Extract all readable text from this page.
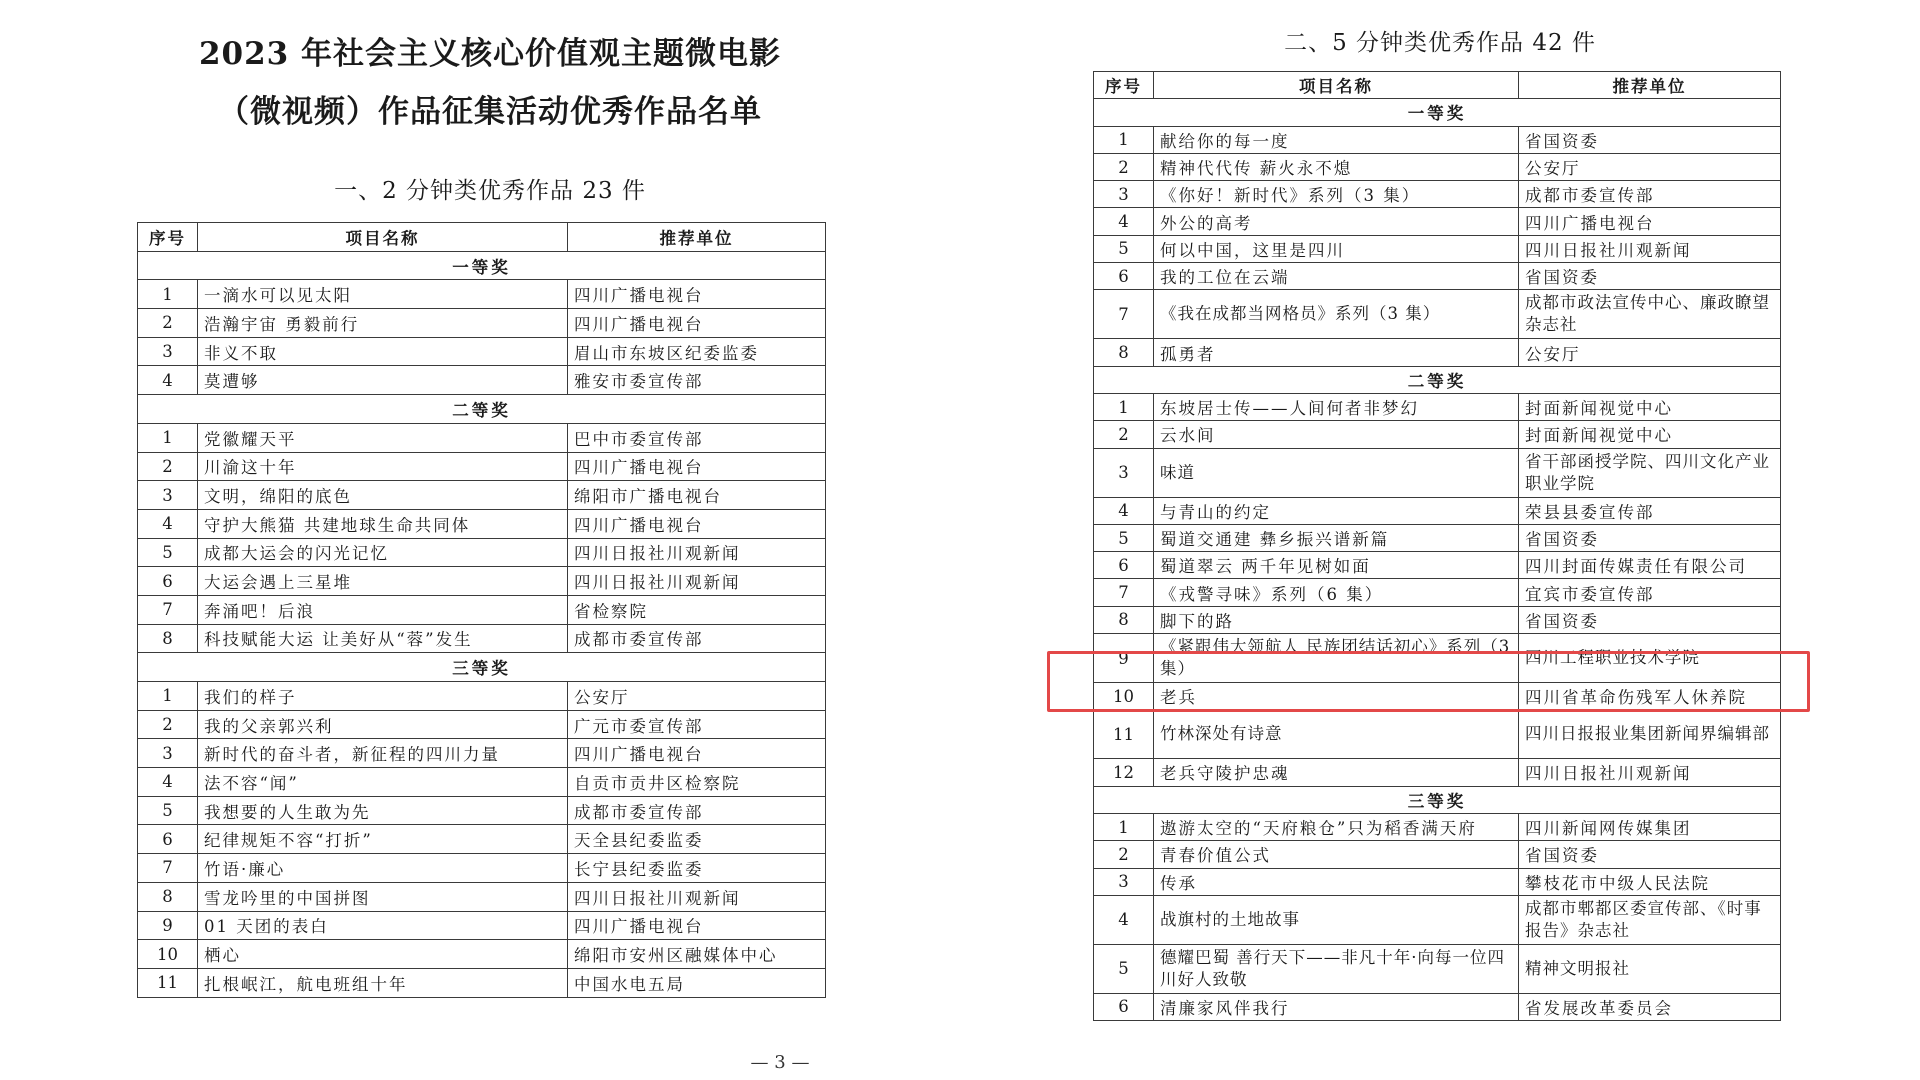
2023 年社会主义核心价值观主题微电影
（微视频）作品征集活动优秀作品名单
一、2 分钟类优秀作品 23 件
序号	项目名称	推荐单位
一等奖		
1	一滴水可以见太阳	四川广播电视台
2	浩瀚宇宙 勇毅前行	四川广播电视台
3	非义不取	眉山市东坡区纪委监委
4	莫遭够	雅安市委宣传部
二等奖		
1	党徽耀天平	巴中市委宣传部
2	川渝这十年	四川广播电视台
3	文明，绵阳的底色	绵阳市广播电视台
4	守护大熊猫 共建地球生命共同体	四川广播电视台
5	成都大运会的闪光记忆	四川日报社川观新闻
6	大运会遇上三星堆	四川日报社川观新闻
7	奔涌吧！后浪	省检察院
8	科技赋能大运 让美好从“蓉”发生	成都市委宣传部
三等奖		
1	我们的样子	公安厅
2	我的父亲郭兴利	广元市委宣传部
3	新时代的奋斗者，新征程的四川力量	四川广播电视台
4	法不容“闻”	自贡市贡井区检察院
5	我想要的人生敢为先	成都市委宣传部
6	纪律规矩不容“打折”	天全县纪委监委
7	竹语·廉心	长宁县纪委监委
8	雪龙吟里的中国拼图	四川日报社川观新闻
9	01 天团的表白	四川广播电视台
10	栖心	绵阳市安州区融媒体中心
11	扎根岷江，航电班组十年	中国水电五局
— 3 —
二、5 分钟类优秀作品 42 件
序号	项目名称	推荐单位
一等奖		
1	献给你的每一度	省国资委
2	精神代代传 薪火永不熄	公安厅
3	《你好！新时代》系列（3 集）	成都市委宣传部
4	外公的高考	四川广播电视台
5	何以中国，这里是四川	四川日报社川观新闻
6	我的工位在云端	省国资委
7	《我在成都当网格员》系列（3 集）	成都市政法宣传中心、廉政瞭望杂志社
8	孤勇者	公安厅
二等奖		
1	东坡居士传——人间何者非梦幻	封面新闻视觉中心
2	云水间	封面新闻视觉中心
3	味道	省干部函授学院、四川文化产业职业学院
4	与青山的约定	荣县县委宣传部
5	蜀道交通建 彝乡振兴谱新篇	省国资委
6	蜀道翠云 两千年见树如面	四川封面传媒责任有限公司
7	《戎警寻味》系列（6 集）	宜宾市委宣传部
8	脚下的路	省国资委
9	《紧跟伟大领航人 民族团结话初心》系列（3 集）	四川工程职业技术学院
10	老兵	四川省革命伤残军人休养院
11	竹林深处有诗意	四川日报报业集团新闻界编辑部
12	老兵守陵护忠魂	四川日报社川观新闻
三等奖		
1	遨游太空的“天府粮仓”只为稻香满天府	四川新闻网传媒集团
2	青春价值公式	省国资委
3	传承	攀枝花市中级人民法院
4	战旗村的土地故事	成都市郫都区委宣传部、《时事报告》杂志社
5	德耀巴蜀 善行天下——非凡十年·向每一位四川好人致敬	精神文明报社
6	清廉家风伴我行	省发展改革委员会
